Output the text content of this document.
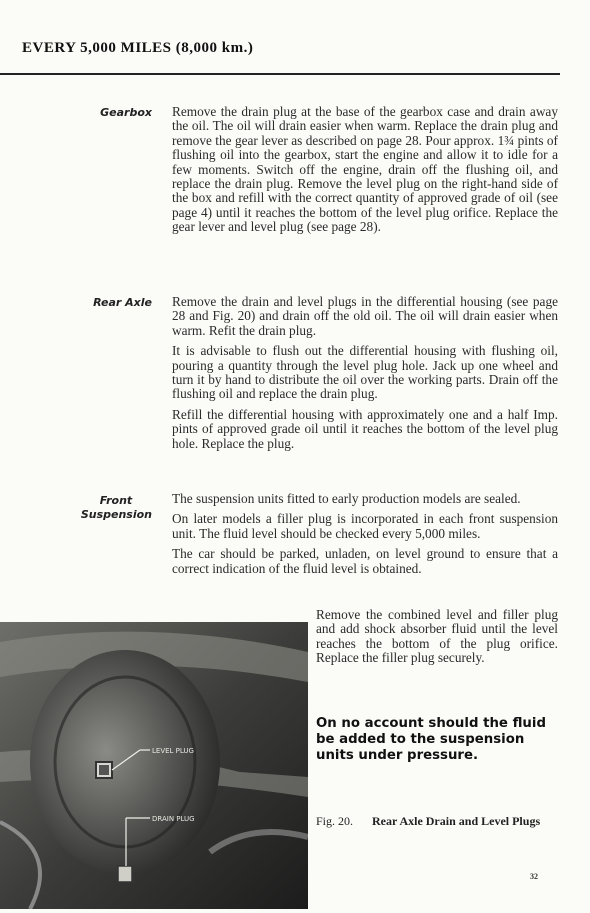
EVERY 5,000 MILES (8,000 km.)
Gearbox Remove the drain plug at the base of the gearbox case and drain away the oil. The oil will drain easier when warm. Replace the drain plug and remove the gear lever as described on page 28. Pour approx. 1¾ pints of flushing oil into the gearbox, start the engine and allow it to idle for a few moments. Switch off the engine, drain off the flushing oil, and replace the drain plug. Remove the level plug on the right-hand side of the box and refill with the correct quantity of approved grade of oil (see page 4) until it reaches the bottom of the level plug orifice. Replace the gear lever and level plug (see page 28).

Rear Axle Remove the drain and level plugs in the differential housing (see page 28 and Fig. 20) and drain off the old oil. The oil will drain easier when warm. Refit the drain plug.

It is advisable to flush out the differential housing with flushing oil, pouring a quantity through the level plug hole. Jack up one wheel and turn it by hand to distribute the oil over the working parts. Drain off the flushing oil and replace the drain plug.

Refill the differential housing with approximately one and a half Imp. pints of approved grade oil until it reaches the bottom of the level plug hole. Replace the plug.

Front
Suspension

The suspension units fitted to early production models are sealed.

On later models a filler plug is incorporated in each front suspension unit. The fluid level should be checked every 5,000 miles.

The car should be parked, unladen, on level ground to ensure that a correct indication of the fluid level is obtained.

Remove the combined level and filler plug and add shock absorber fluid until the level reaches the bottom of the plug orifice. Replace the filler plug securely.
On no account should the fluid be added to the suspension units under pressure.
LEVEL PLUG
DRAIN PLUG	Fig. 20. Rear Axle Drain and Level Plugs
32
